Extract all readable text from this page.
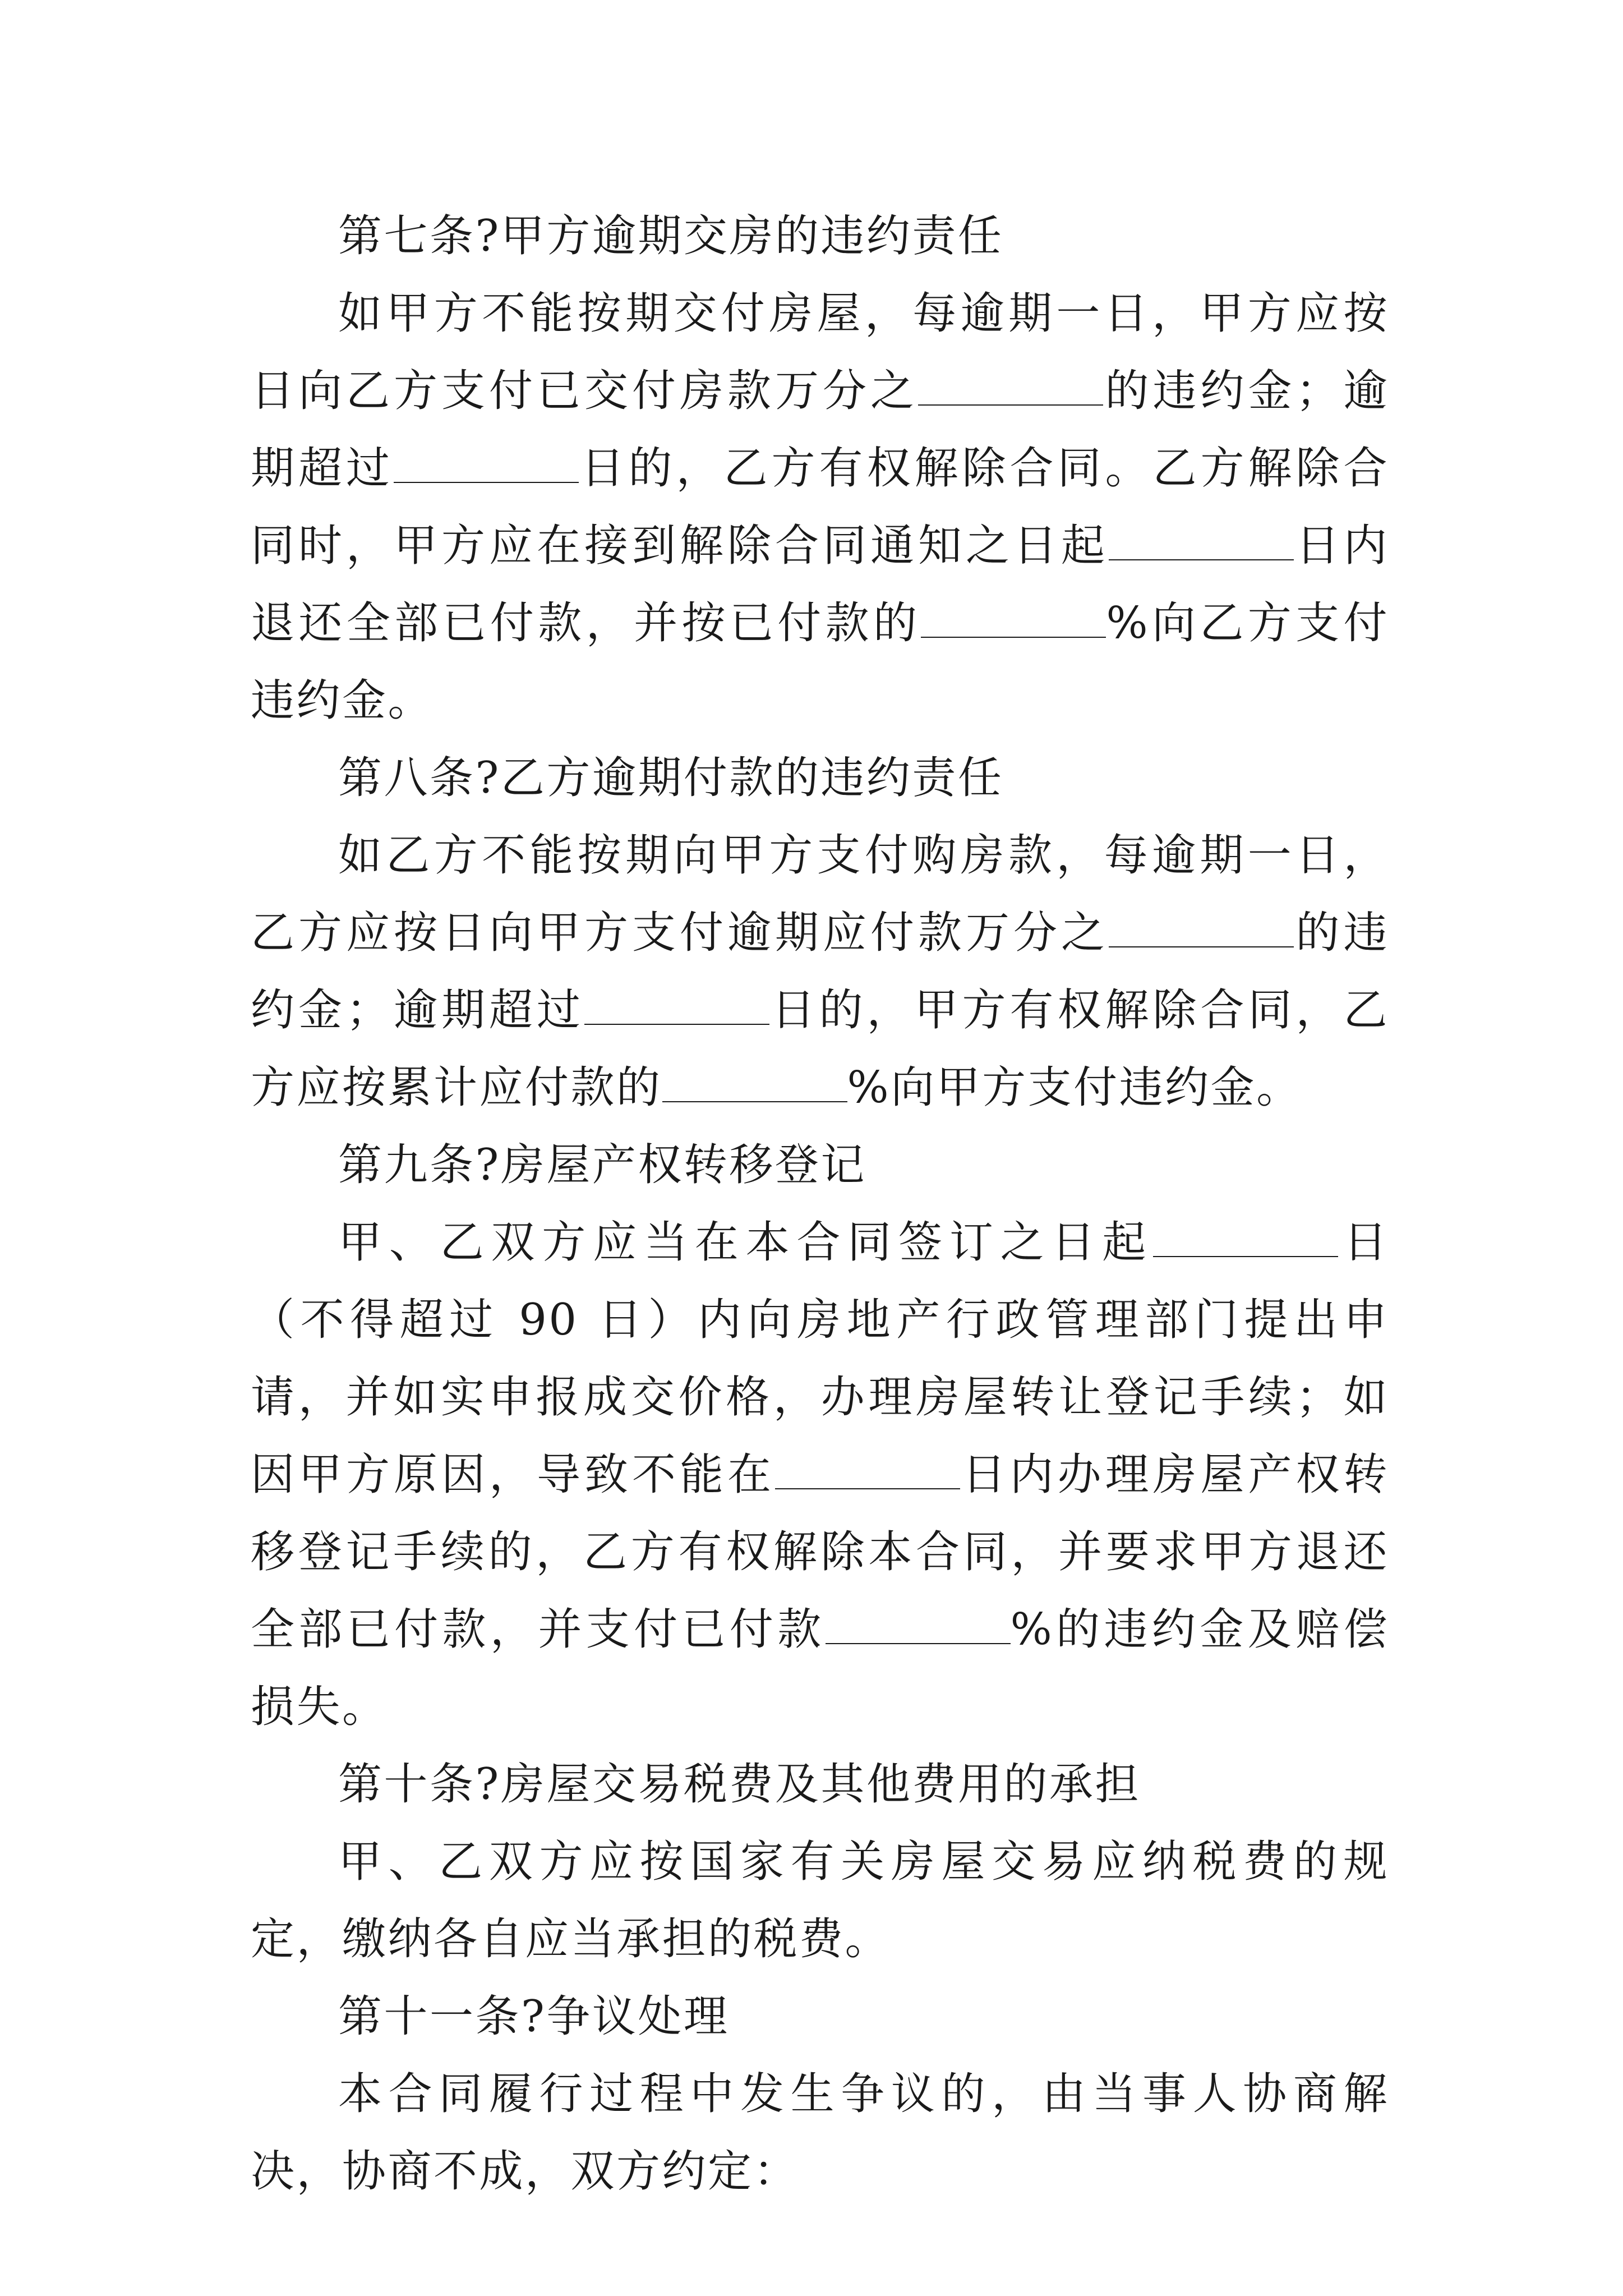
第七条?甲方逾期交房的违约责任

如甲方不能按期交付房屋，每逾期一日，甲方应按日向乙方支付已交付房款万分之	的违约金；逾期超过	日的，乙方有权解除合同。乙方解除合同时，甲方应在接到解除合同通知之日起	日内退还全部已付款，并按已付款的	%向乙方支付违约金。

第八条?乙方逾期付款的违约责任

如乙方不能按期向甲方支付购房款，每逾期一日，乙方应按日向甲方支付逾期应付款万分之	的违约金；逾期超过	日的，甲方有权解除合同，乙方应按累计应付款的	%向甲方支付违约金。

第九条?房屋产权转移登记

甲、乙双方应当在本合同签订之日起	日（不得超过 90 日）内向房地产行政管理部门提出申请，并如实申报成交价格，办理房屋转让登记手续；如因甲方原因，导致不能在	日内办理房屋产权转移登记手续的，乙方有权解除本合同，并要求甲方退还全部已付款，并支付已付款	%的违约金及赔偿损失。

第十条?房屋交易税费及其他费用的承担

甲、乙双方应按国家有关房屋交易应纳税费的规定，缴纳各自应当承担的税费。

第十一条?争议处理

本合同履行过程中发生争议的，由当事人协商解决，协商不成，双方约定：
